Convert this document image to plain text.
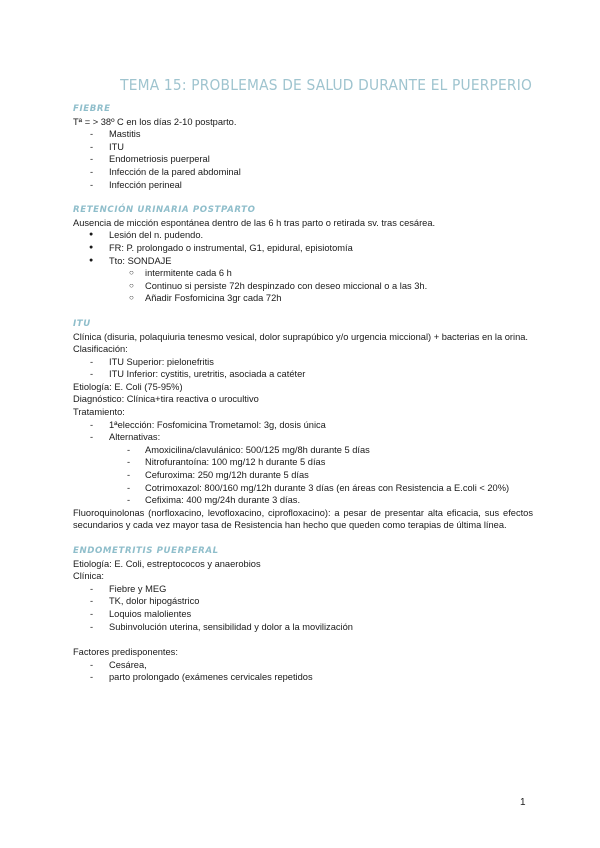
TEMA 15: PROBLEMAS DE SALUD DURANTE EL PUERPERIO
FIEBRE

Tª = > 38º C en los días 2-10 postparto.

- Mastitis
- ITU
- Endometriosis puerperal
- Infección de la pared abdominal
- Infección perineal
RETENCIÓN URINARIA POSTPARTO

Ausencia de micción espontánea dentro de las 6 h tras parto o retirada sv. tras cesárea.

● Lesión del n. pudendo.
● FR: P. prolongado o instrumental, G1, epidural, episiotomía
● Tto: SONDAJE
○ intermitente cada 6 h
○ Continuo si persiste 72h despinzado con deseo miccional o a las 3h.
○ Añadir Fosfomicina 3gr cada 72h
ITU

Clínica (disuria, polaquiuria tenesmo vesical, dolor suprapúbico y/o urgencia miccional) + bacterias en la orina.

Clasificación:

- ITU Superior: pielonefritis
- ITU Inferior: cystitis, uretritis, asociada a catéter

Etiología: E. Coli (75-95%)

Diagnóstico: Clínica+tira reactiva o urocultivo

Tratamiento:

- 1ªelección: Fosfomicina Trometamol: 3g, dosis única
- Alternativas:
- Amoxicilina/clavulánico: 500/125 mg/8h durante 5 días
- Nitrofurantoína: 100 mg/12 h durante 5 días
- Cefuroxima: 250 mg/12h durante 5 días
- Cotrimoxazol: 800/160 mg/12h durante 3 días (en áreas con Resistencia a E.coli < 20%)
- Cefixima: 400 mg/24h durante 3 días.

Fluoroquinolonas (norfloxacino, levofloxacino, ciprofloxacino): a pesar de presentar alta eficacia, sus efectos secundarios y cada vez mayor tasa de Resistencia han hecho que queden como terapias de última línea.

ENDOMETRITIS PUERPERAL

Etiología: E. Coli, estreptococos y anaerobios

Clínica:

- Fiebre y MEG
- TK, dolor hipogástrico
- Loquios malolientes
- Subinvolución uterina, sensibilidad y dolor a la movilización

Factores predisponentes:

- Cesárea,
- parto prolongado (exámenes cervicales repetidos
1
